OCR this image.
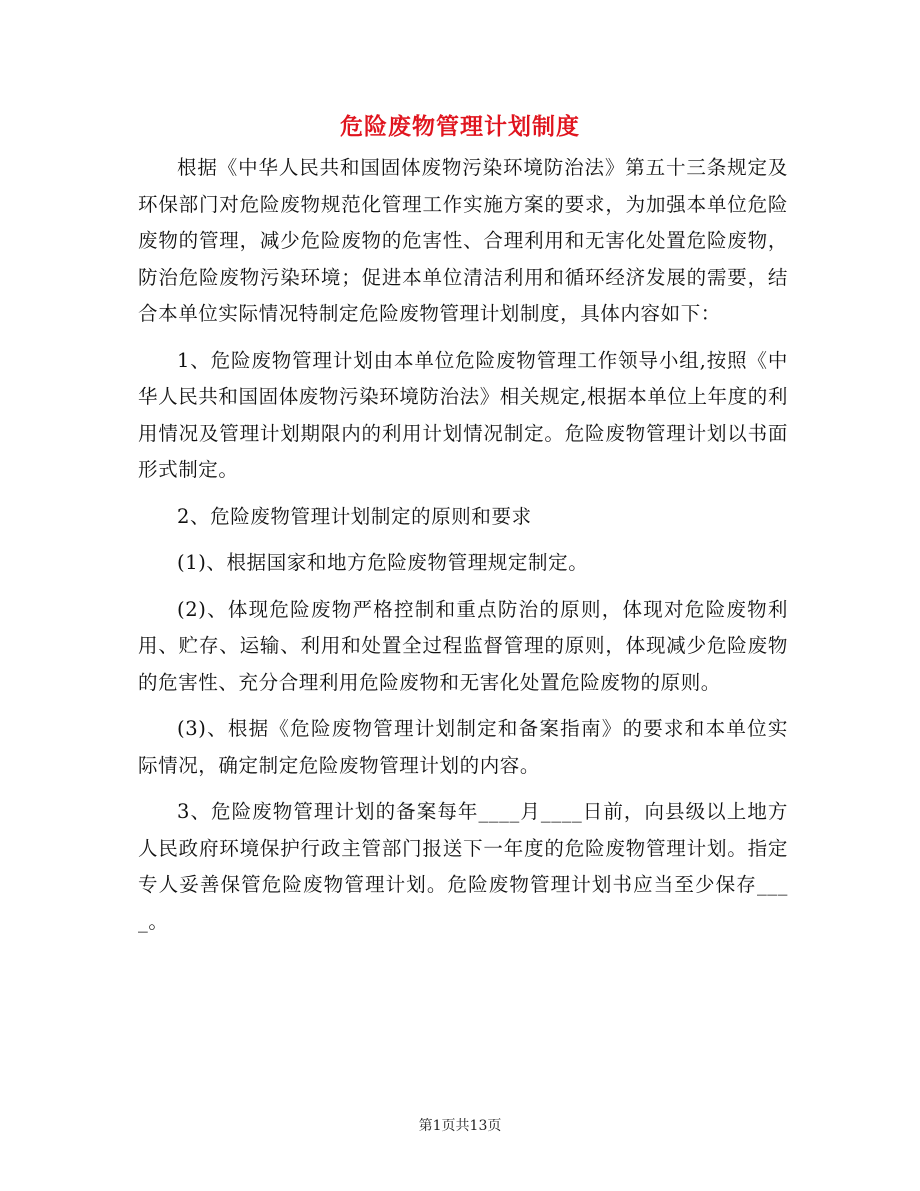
危险废物管理计划制度

根据《中华人民共和国固体废物污染环境防治法》第五十三条规定及环保部门对危险废物规范化管理工作实施方案的要求，为加强本单位危险废物的管理，减少危险废物的危害性、合理利用和无害化处置危险废物，防治危险废物污染环境；促进本单位清洁利用和循环经济发展的需要，结合本单位实际情况特制定危险废物管理计划制度，具体内容如下：

1、危险废物管理计划由本单位危险废物管理工作领导小组,按照《中华人民共和国固体废物污染环境防治法》相关规定,根据本单位上年度的利用情况及管理计划期限内的利用计划情况制定。危险废物管理计划以书面形式制定。

2、危险废物管理计划制定的原则和要求

(1)、根据国家和地方危险废物管理规定制定。

(2)、体现危险废物严格控制和重点防治的原则，体现对危险废物利用、贮存、运输、利用和处置全过程监督管理的原则，体现减少危险废物的危害性、充分合理利用危险废物和无害化处置危险废物的原则。

(3)、根据《危险废物管理计划制定和备案指南》的要求和本单位实际情况，确定制定危险废物管理计划的内容。

3、危险废物管理计划的备案每年____月____日前，向县级以上地方人民政府环境保护行政主管部门报送下一年度的危险废物管理计划。指定专人妥善保管危险废物管理计划。危险废物管理计划书应当至少保存____。

第1页共13页
